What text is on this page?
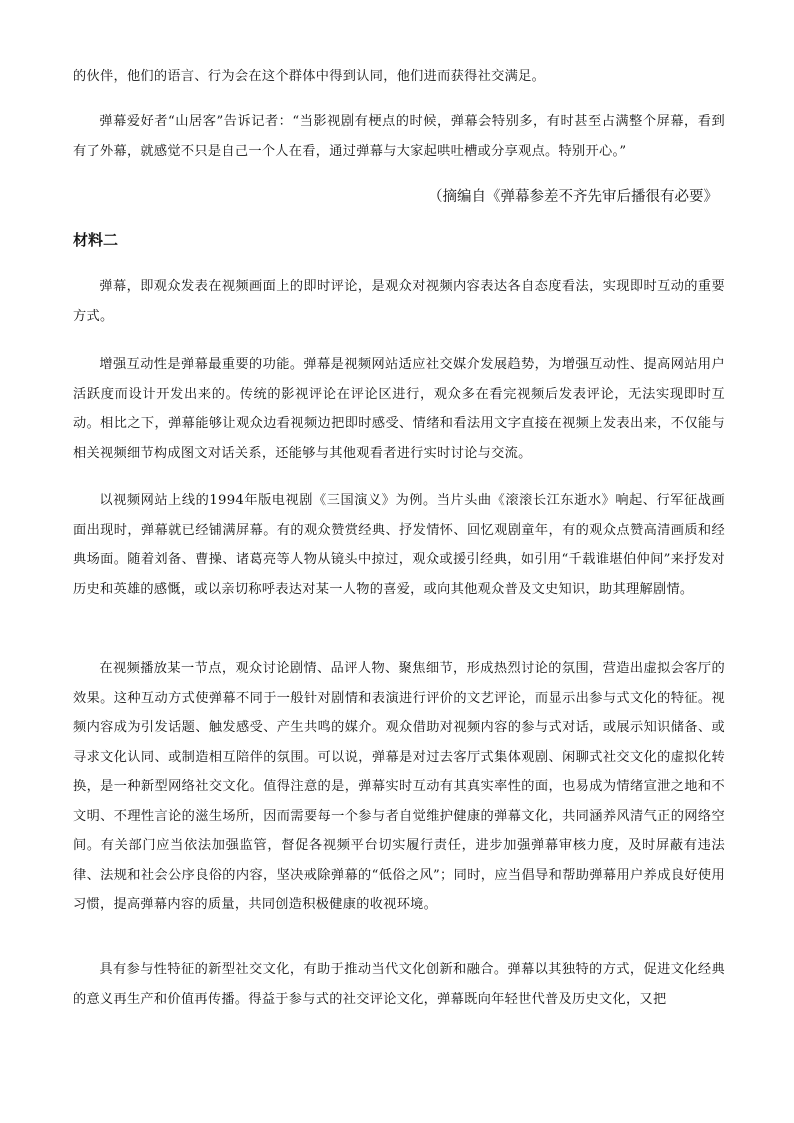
的伙伴，他们的语言、行为会在这个群体中得到认同，他们进而获得社交满足。

弹幕爱好者“山居客”告诉记者：“当影视剧有梗点的时候，弹幕会特别多，有时甚至占满整个屏幕，看到有了外幕，就感觉不只是自己一个人在看，通过弹幕与大家起哄吐槽或分享观点。特别开心。”

（摘编自《弹幕参差不齐先审后播很有必要》

材料二

弹幕，即观众发表在视频画面上的即时评论，是观众对视频内容表达各自态度看法，实现即时互动的重要方式。

增强互动性是弹幕最重要的功能。弹幕是视频网站适应社交媒介发展趋势，为增强互动性、提高网站用户活跃度而设计开发出来的。传统的影视评论在评论区进行，观众多在看完视频后发表评论，无法实现即时互动。相比之下，弹幕能够让观众边看视频边把即时感受、情绪和看法用文字直接在视频上发表出来，不仅能与相关视频细节构成图文对话关系，还能够与其他观看者进行实时讨论与交流。

以视频网站上线的1994年版电视剧《三国演义》为例。当片头曲《滚滚长江东逝水》响起、行军征战画面出现时，弹幕就已经铺满屏幕。有的观众赞赏经典、抒发情怀、回忆观剧童年，有的观众点赞高清画质和经典场面。随着刘备、曹操、诸葛亮等人物从镜头中掠过，观众或援引经典，如引用“千载谁堪伯仲间”来抒发对历史和英雄的感慨，或以亲切称呼表达对某一人物的喜爱，或向其他观众普及文史知识，助其理解剧情。

在视频播放某一节点，观众讨论剧情、品评人物、聚焦细节，形成热烈讨论的氛围，营造出虚拟会客厅的效果。这种互动方式使弹幕不同于一般针对剧情和表演进行评价的文艺评论，而显示出参与式文化的特征。视频内容成为引发话题、触发感受、产生共鸣的媒介。观众借助对视频内容的参与式对话，或展示知识储备、或寻求文化认同、或制造相互陪伴的氛围。可以说，弹幕是对过去客厅式集体观剧、闲聊式社交文化的虚拟化转换，是一种新型网络社交文化。值得注意的是，弹幕实时互动有其真实率性的面，也易成为情绪宣泄之地和不文明、不理性言论的滋生场所，因而需要每一个参与者自觉维护健康的弹幕文化，共同涵养风清气正的网络空间。有关部门应当依法加强监管，督促各视频平台切实履行责任，进步加强弹幕审核力度，及时屏蔽有违法律、法规和社会公序良俗的内容，坚决戒除弹幕的“低俗之风”；同时，应当倡导和帮助弹幕用户养成良好使用习惯，提高弹幕内容的质量，共同创造积极健康的收视环境。

具有参与性特征的新型社交文化，有助于推动当代文化创新和融合。弹幕以其独特的方式，促进文化经典的意义再生产和价值再传播。得益于参与式的社交评论文化，弹幕既向年轻世代普及历史文化，又把
